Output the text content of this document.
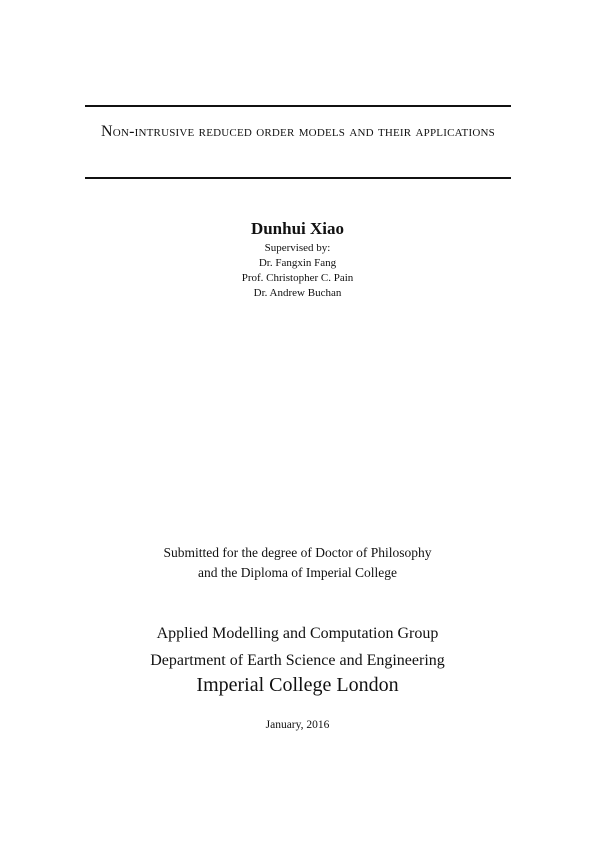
Non-intrusive reduced order models and their applications
Dunhui Xiao
Supervised by:
Dr. Fangxin Fang
Prof. Christopher C. Pain
Dr. Andrew Buchan
Submitted for the degree of Doctor of Philosophy
and the Diploma of Imperial College
Applied Modelling and Computation Group
Department of Earth Science and Engineering
Imperial College London
January, 2016
